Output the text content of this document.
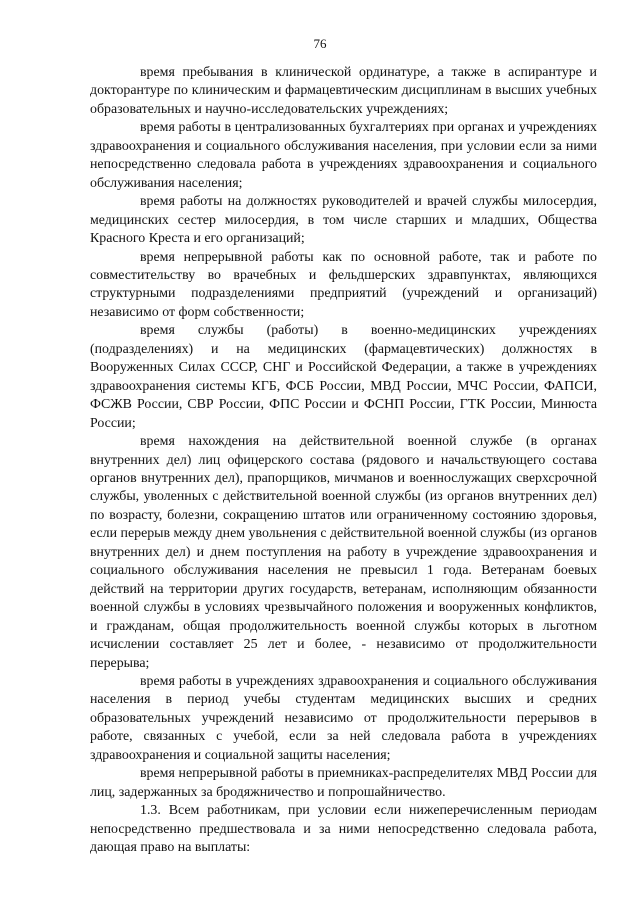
76

время пребывания в клинической ординатуре, а также в аспирантуре и докторантуре по клиническим и фармацевтическим дисциплинам в высших учебных образовательных и научно-исследовательских учреждениях;

время работы в централизованных бухгалтериях при органах и учреждениях здравоохранения и социального обслуживания населения, при условии если за ними непосредственно следовала работа в учреждениях здравоохранения и социального обслуживания населения;

время работы на должностях руководителей и врачей службы милосердия, медицинских сестер милосердия, в том числе старших и младших, Общества Красного Креста и его организаций;

время непрерывной работы как по основной работе, так и работе по совместительству во врачебных и фельдшерских здравпунктах, являющихся структурными подразделениями предприятий (учреждений и организаций) независимо от форм собственности;

время службы (работы) в военно-медицинских учреждениях (подразделениях) и на медицинских (фармацевтических) должностях в Вооруженных Силах СССР, СНГ и Российской Федерации, а также в учреждениях здравоохранения системы КГБ, ФСБ России, МВД России, МЧС России, ФАПСИ, ФСЖВ России, СВР России, ФПС России и ФСНП России, ГТК России, Минюста России;

время нахождения на действительной военной службе (в органах внутренних дел) лиц офицерского состава (рядового и начальствующего состава органов внутренних дел), прапорщиков, мичманов и военнослужащих сверхсрочной службы, уволенных с действительной военной службы (из органов внутренних дел) по возрасту, болезни, сокращению штатов или ограниченному состоянию здоровья, если перерыв между днем увольнения с действительной военной службы (из органов внутренних дел) и днем поступления на работу в учреждение здравоохранения и социального обслуживания населения не превысил 1 года. Ветеранам боевых действий на территории других государств, ветеранам, исполняющим обязанности военной службы в условиях чрезвычайного положения и вооруженных конфликтов, и гражданам, общая продолжительность военной службы которых в льготном исчислении составляет 25 лет и более, - независимо от продолжительности перерыва;

время работы в учреждениях здравоохранения и социального обслуживания населения в период учебы студентам медицинских высших и средних образовательных учреждений независимо от продолжительности перерывов в работе, связанных с учебой, если за ней следовала работа в учреждениях здравоохранения и социальной защиты населения;

время непрерывной работы в приемниках-распределителях МВД России для лиц, задержанных за бродяжничество и попрошайничество.

1.3. Всем работникам, при условии если нижеперечисленным периодам непосредственно предшествовала и за ними непосредственно следовала работа, дающая право на выплаты:
